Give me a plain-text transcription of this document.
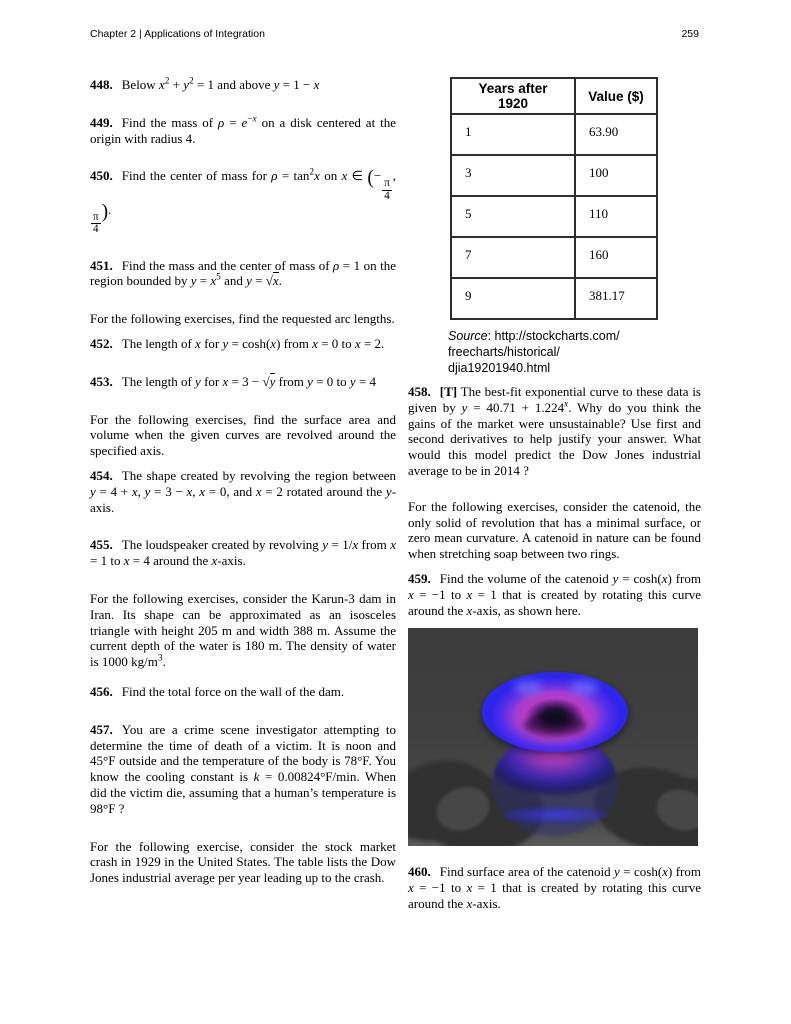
Chapter 2 | Applications of Integration	259

448. Below $x^2 + y^2 = 1$ and above y = 1 − x

449. Find the mass of $\rho = e^{-x}$ on a disk centered at the origin with radius 4.

450. Find the center of mass for $\rho = \tan^2x$ on x ∈ (−
$\frac{\pi}{4}$
,
$\frac{\pi}{4}$
).

451. Find the mass and the center of mass of ρ = 1 on the region bounded by $y = x^5$ and y = √x.

For the following exercises, find the requested arc lengths.

452. The length of x for y = cosh(x) from x = 0 to x = 2.

453. The length of y for x = 3 − √y from y = 0 to y = 4

For the following exercises, find the surface area and volume when the given curves are revolved around the specified axis.

454. The shape created by revolving the region between y = 4 + x, y = 3 − x, x = 0, and x = 2 rotated around the y-axis.

455. The loudspeaker created by revolving y = 1/x from x = 1 to x = 4 around the x-axis.

For the following exercises, consider the Karun-3 dam in Iran. Its shape can be approximated as an isosceles triangle with height 205 m and width 388 m. Assume the current depth of the water is 180 m. The density of water is 1000 $kg/m^3$.

456. Find the total force on the wall of the dam.

457. You are a crime scene investigator attempting to determine the time of death of a victim. It is noon and 45°F outside and the temperature of the body is 78°F. You know the cooling constant is k = 0.00824°F/min. When did the victim die, assuming that a human’s temperature is 98°F ?

For the following exercise, consider the stock market crash in 1929 in the United States. The table lists the Dow Jones industrial average per year leading up to the crash.

Years after 1920	Value ($)
1	63.90
3	100
5	110
7	160
9	381.17

Source: http://stockcharts.com/
freecharts/historical/
djia19201940.html

458. [T] The best-fit exponential curve to these data is given by $y = 40.71 + 1.224^x$. Why do you think the gains of the market were unsustainable? Use first and second derivatives to help justify your answer. What would this model predict the Dow Jones industrial average to be in 2014 ?

For the following exercises, consider the catenoid, the only solid of revolution that has a minimal surface, or zero mean curvature. A catenoid in nature can be found when stretching soap between two rings.

459. Find the volume of the catenoid y = cosh(x) from x = −1 to x = 1 that is created by rotating this curve around the x-axis, as shown here.

460. Find surface area of the catenoid y = cosh(x) from x = −1 to x = 1 that is created by rotating this curve around the x-axis.
